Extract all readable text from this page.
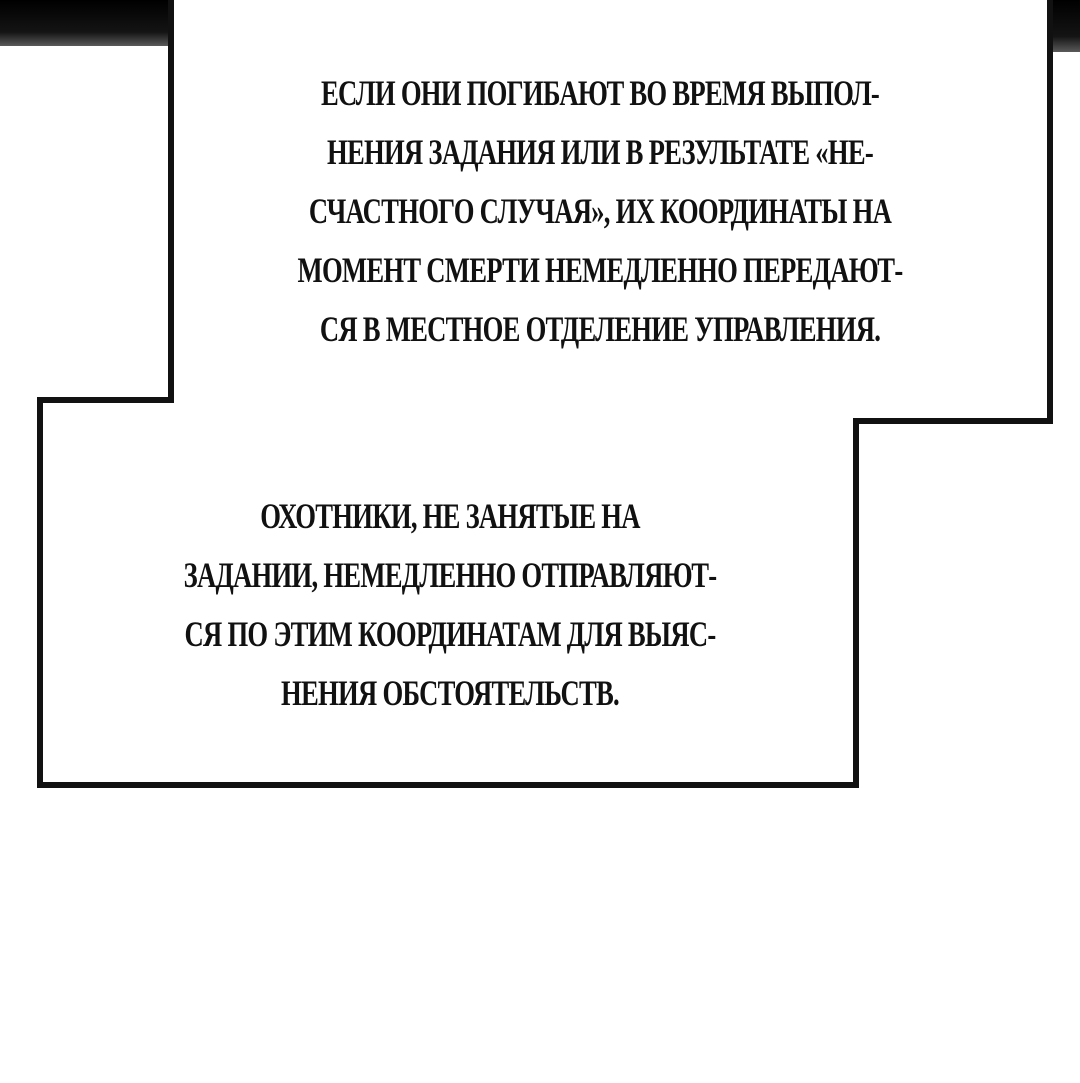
ЕСЛИ ОНИ ПОГИБАЮТ ВО ВРЕМЯ ВЫПОЛ-
НЕНИЯ ЗАДАНИЯ ИЛИ В РЕЗУЛЬТАТЕ «НЕ-
СЧАСТНОГО СЛУЧАЯ», ИХ КООРДИНАТЫ НА
МОМЕНТ СМЕРТИ НЕМЕДЛЕННО ПЕРЕДАЮТ-
СЯ В МЕСТНОЕ ОТДЕЛЕНИЕ УПРАВЛЕНИЯ.
ОХОТНИКИ, НЕ ЗАНЯТЫЕ НА
ЗАДАНИИ, НЕМЕДЛЕННО ОТПРАВЛЯЮТ-
СЯ ПО ЭТИМ КООРДИНАТАМ ДЛЯ ВЫЯС-
НЕНИЯ ОБСТОЯТЕЛЬСТВ.
